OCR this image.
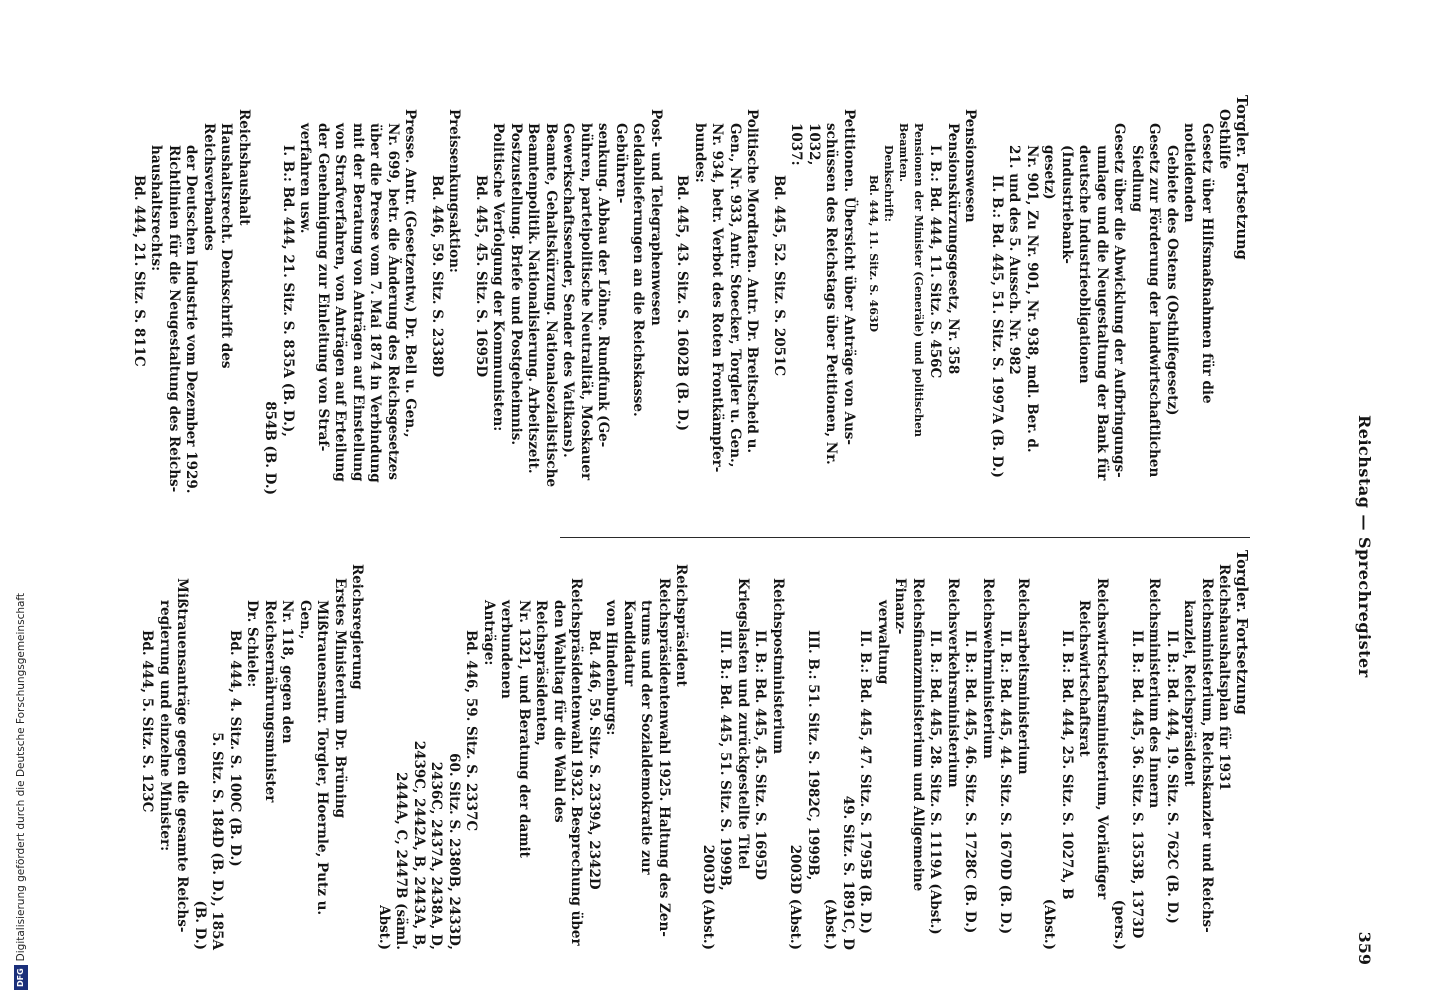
Reichstag — Sprechregister
359
Torgler. Fortsetzung
Osthilfe
Gesetz über Hilfsmaßnahmen für die notleidenden
Gebiete des Ostens (Osthilfegesetz)
Gesetz zur Förderung der landwirtschaftlichen
Siedlung
Gesetz über die Abwicklung der Aufbringungs-
umlage und die Neugestaltung der Bank für
deutsche Industrieobligationen (Industriebank-
gesetz)
Nr. 901, Zu Nr. 901, Nr. 938, mdl. Ber. d.
21. und des 5. Aussch. Nr. 982
II. B.: Bd. 445, 51. Sitz. S. 1997A (B. D.)
Pensionswesen
Pensionskürzungsgesetz, Nr. 358
I. B.: Bd. 444, 11. Sitz. S. 456C
Pensionen der Minister (Generäle) und politischen Beamten.
Denkschrift:
Bd. 444, 11. Sitz. S. 463D
Petitionen. Übersicht über Anträge von Aus-
schüssen des Reichstags über Petitionen, Nr. 1032,
1037:
Bd. 445, 52. Sitz. S. 2051C
Politische Mordtaten. Antr. Dr. Breitscheid u.
Gen., Nr. 933, Antr. Stoecker, Torgler u. Gen.,
Nr. 934, betr. Verbot des Roten Frontkämpfer-
bundes:
Bd. 445, 43. Sitz. S. 1602B (B. D.)
Post- und Telegraphenwesen
Geldablieferungen an die Reichskasse. Gebühren-
senkung. Abbau der Löhne. Rundfunk (Ge-
bühren, parteipolitische Neutralität, Moskauer
Gewerkschaftssender, Sender des Vatikans).
Beamte, Gehaltskürzung. Nationalsozialistische
Beamtenpolitik. Nationalisierung. Arbeitszeit.
Postzustellung. Briefe und Postgeheimnis.
Politische Verfolgung der Kommunisten:
Bd. 445, 45. Sitz. S. 1695D
Preissenkungsaktion:
Bd. 446, 59. Sitz. S. 2338D
Presse. Antr. (Gesetzentw.) Dr. Bell u. Gen.,
Nr. 699, betr. die Änderung des Reichsgesetzes
über die Presse vom 7. Mai 1874 in Verbindung
mit der Beratung von Anträgen auf Einstellung
von Strafverfahren, von Anträgen auf Erteilung
der Genehmigung zur Einleitung von Straf-
verfahren usw.
I. B.: Bd. 444, 21. Sitz. S. 835A (B. D.),
854B (B. D.)
Reichshaushalt
Haushaltsrecht. Denkschrift des Reichsverbandes
der Deutschen Industrie vom Dezember 1929.
Richtlinien für die Neugestaltung des Reichs-
haushaltsrechts:
Bd. 444, 21. Sitz. S. 811C
Torgler. Fortsetzung
Reichshaushaltsplan für 1931
Reichsministerium, Reichskanzler und Reichs-
kanzlei, Reichspräsident
II. B.: Bd. 444, 19. Sitz. S. 762C (B. D.)
Reichsministerium des Innern
II. B.: Bd. 445, 36. Sitz. S. 1353B, 1373D
(pers.)
Reichswirtschaftsministerium, Vorläufiger
Reichswirtschaftsrat
II. B.: Bd. 444, 25. Sitz. S. 1027A, B
(Abst.)
Reichsarbeitsministerium
II. B.: Bd. 445, 44. Sitz. S. 1670D (B. D.)
Reichswehrministerium
II. B.: Bd. 445, 46. Sitz. S. 1728C (B. D.)
Reichsverkehrsministerium
II. B.: Bd. 445, 28. Sitz. S. 1119A (Abst.)
Reichsfinanzministerium und Allgemeine Finanz-
verwaltung
II. B.: Bd. 445, 47. Sitz. S. 1795B (B. D.)
49. Sitz. S. 1891C, D
(Abst.)
III. B.: 51. Sitz. S. 1982C, 1999B,
2003D (Abst.)
Reichspostministerium
II. B.: Bd. 445, 45. Sitz. S. 1695D
Kriegslasten und zurückgestellte Titel
III. B.: Bd. 445, 51. Sitz. S. 1999B,
2003D (Abst.)
Reichspräsident
Reichspräsidentenwahl 1925. Haltung des Zen-
trums und der Sozialdemokratie zur Kandidatur
von Hindenburgs:
Bd. 446, 59. Sitz. S. 2339A, 2342D
Reichspräsidentenwahl 1932. Besprechung über
den Wahltag für die Wahl des Reichspräsidenten,
Nr. 1321, und Beratung der damit verbundenen
Anträge:
Bd. 446, 59. Sitz. S. 2337C
60. Sitz. S. 2380B, 2433D,
2436C, 2437A, 2438A, D,
2439C, 2442A, B, 2443A, B,
2444A, C, 2447B (säml.
Abst.)
Reichsregierung
Erstes Ministerium Dr. Brüning
Mißtrauensantr. Torgler, Hoernle, Putz u. Gen.,
Nr. 118, gegen den Reichsernährungsminister
Dr. Schiele:
Bd. 444, 4. Sitz. S. 100C (B. D.)
5. Sitz. S. 184D (B. D.), 185A
(B. D.)
Mißtrauensanträge gegen die gesamte Reichs-
regierung und einzelne Minister:
Bd. 444, 5. Sitz. S. 123C
DFG
Digitalisierung gefördert durch die Deutsche Forschungsgemeinschaft
